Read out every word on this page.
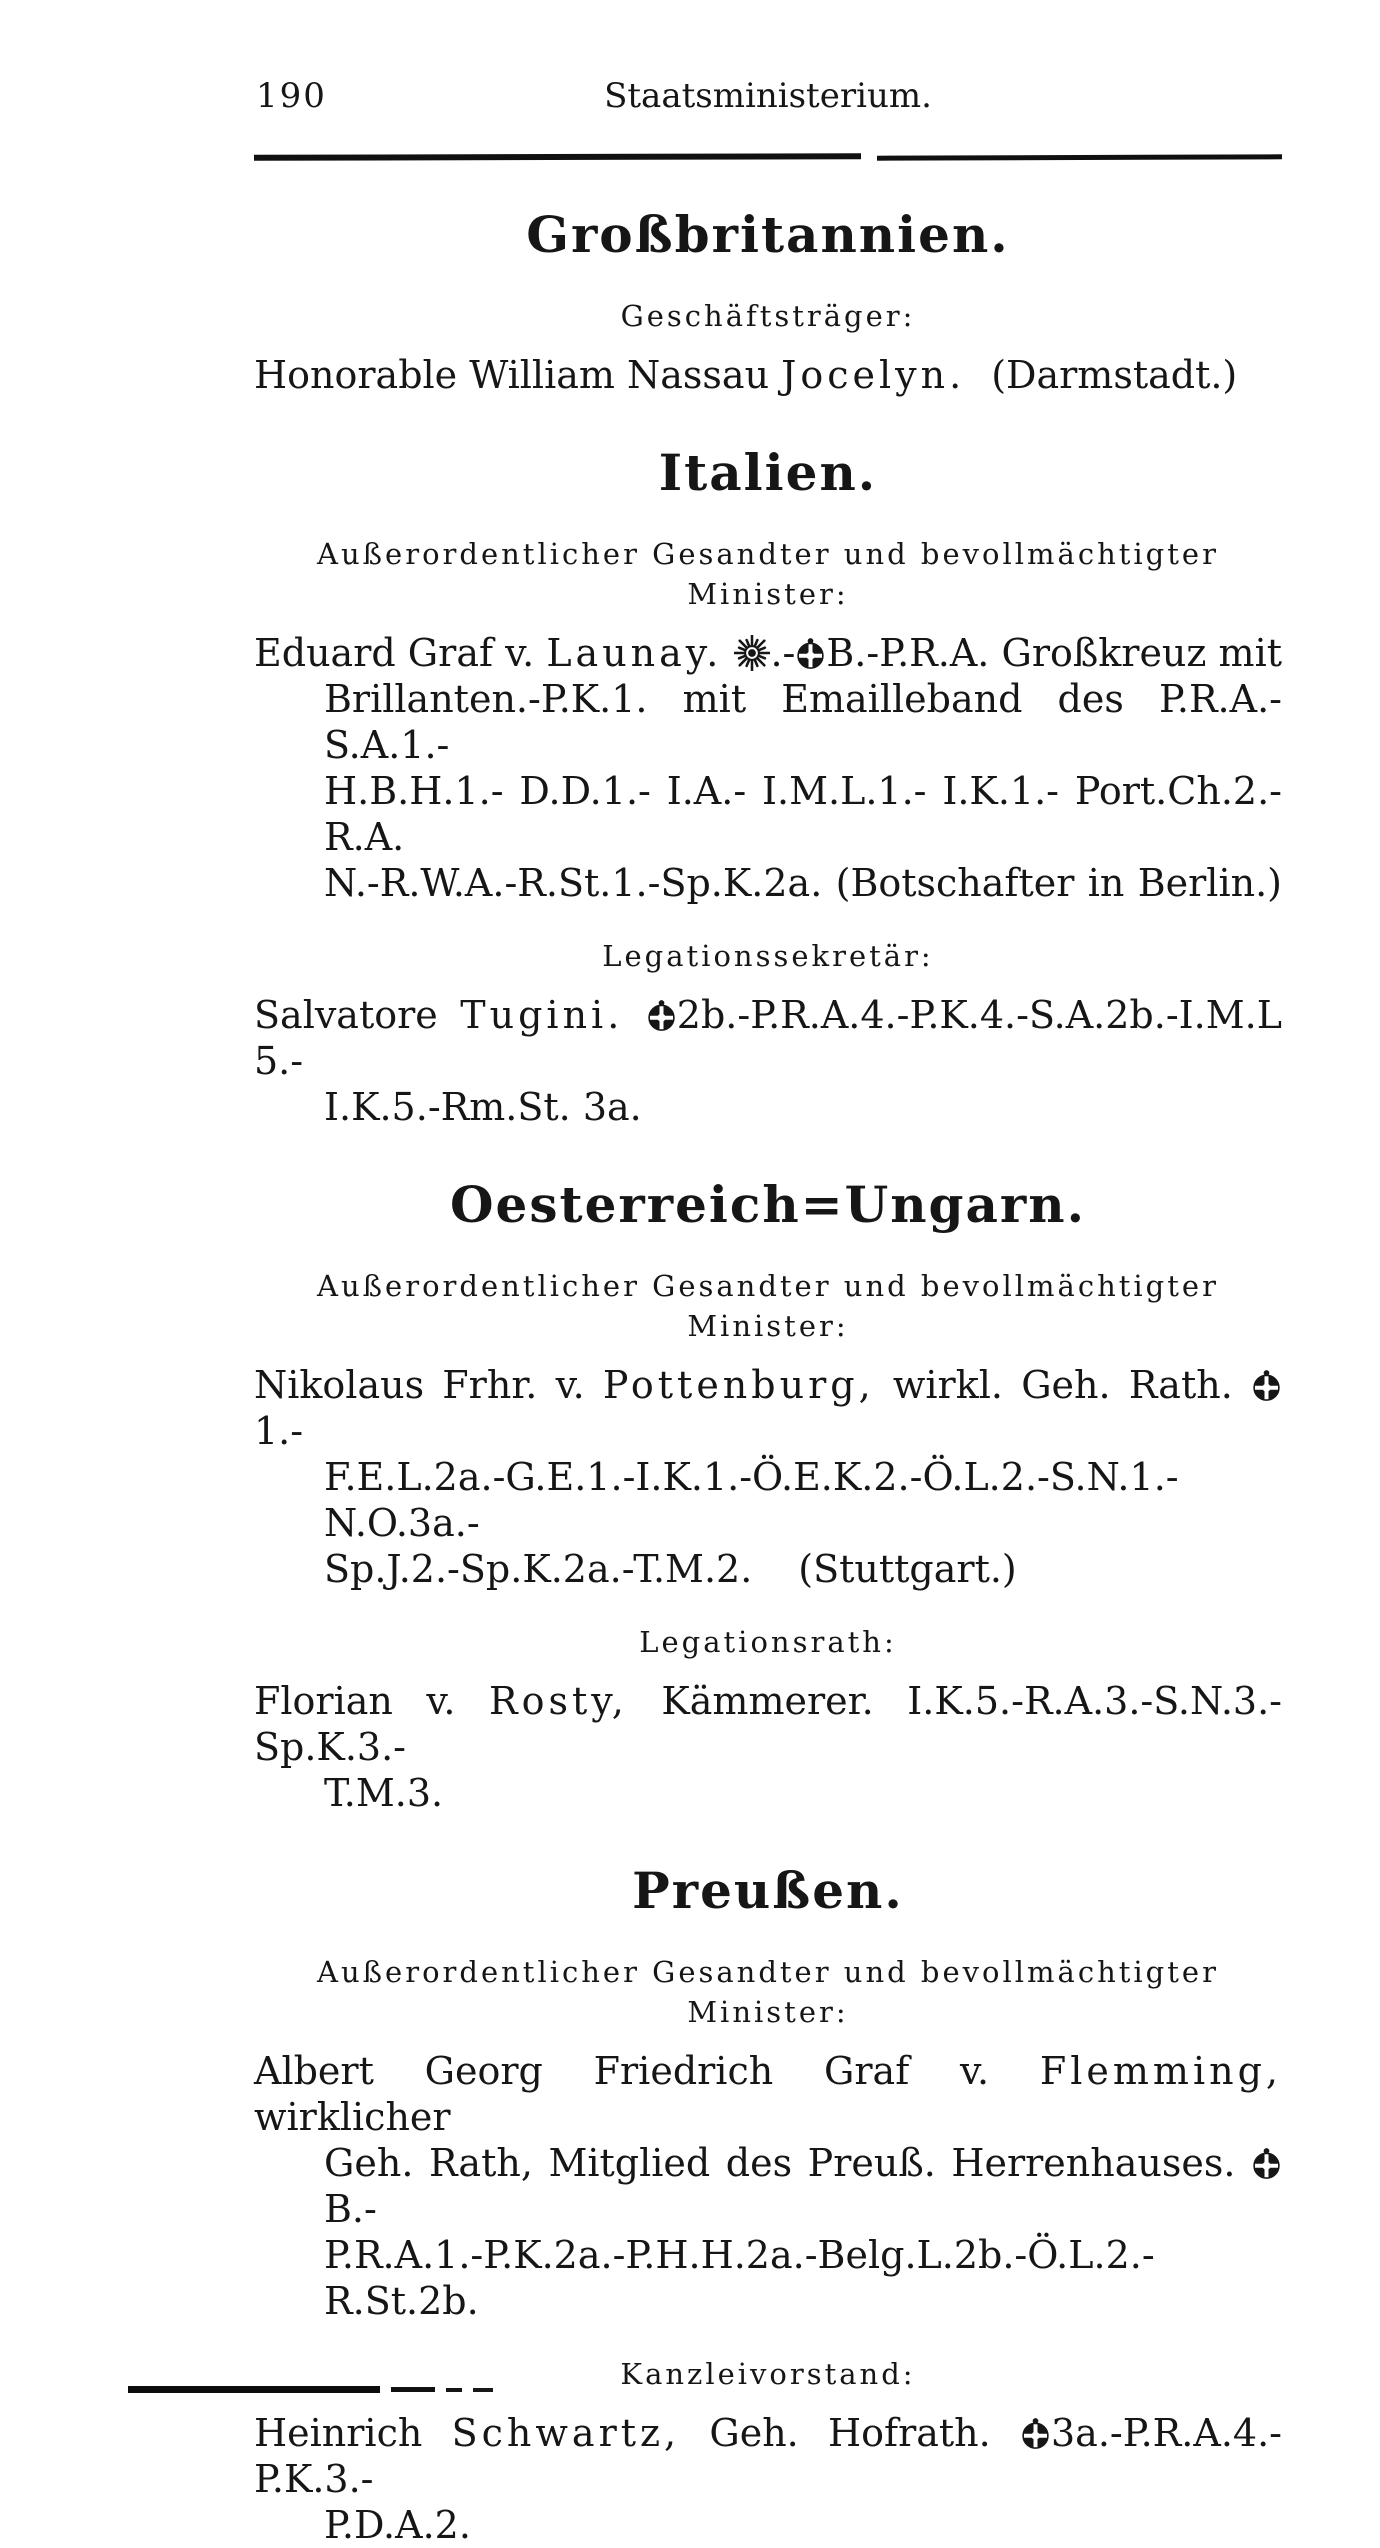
190	Staatsministerium.
Großbritannien.
Geschäftsträger:
Honorable William Nassau Jocelyn. (Darmstadt.)
Italien.
Außerordentlicher Gesandter und bevollmächtigter
Minister:
Eduard Graf v. Launay. .- B.-P.R.A. Großkreuz mit
Brillanten.-P.K.1. mit Emailleband des P.R.A.-S.A.1.-
H.B.H.1.- D.D.1.- I.A.- I.M.L.1.- I.K.1.- Port.Ch.2.- R.A.
N.-R.W.A.-R.St.1.-Sp.K.2a. (Botschafter in Berlin.)
Legationssekretär:
Salvatore Tugini. 2b.-P.R.A.4.-P.K.4.-S.A.2b.-I.M.L 5.-
I.K.5.-Rm.St. 3a.
Oesterreich=Ungarn.
Außerordentlicher Gesandter und bevollmächtigter
Minister:
Nikolaus Frhr. v. Pottenburg, wirkl. Geh. Rath.
1.-
F.E.L.2a.-G.E.1.-I.K.1.-Ö.E.K.2.-Ö.L.2.-S.N.1.-N.O.3a.-
Sp.J.2.-Sp.K.2a.-T.M.2. (Stuttgart.)
Legationsrath:
Florian v. Rosty, Kämmerer. I.K.5.-R.A.3.-S.N.3.-Sp.K.3.-
T.M.3.
Preußen.
Außerordentlicher Gesandter und bevollmächtigter
Minister:
Albert Georg Friedrich Graf v. Flemming, wirklicher
Geh. Rath, Mitglied des Preuß. Herrenhauses.
B.-
P.R.A.1.-P.K.2a.-P.H.H.2a.-Belg.L.2b.-Ö.L.2.-R.St.2b.
Kanzleivorstand:
Heinrich Schwartz, Geh. Hofrath.
3a.-P.R.A.4.-P.K.3.-
P.D.A.2.
